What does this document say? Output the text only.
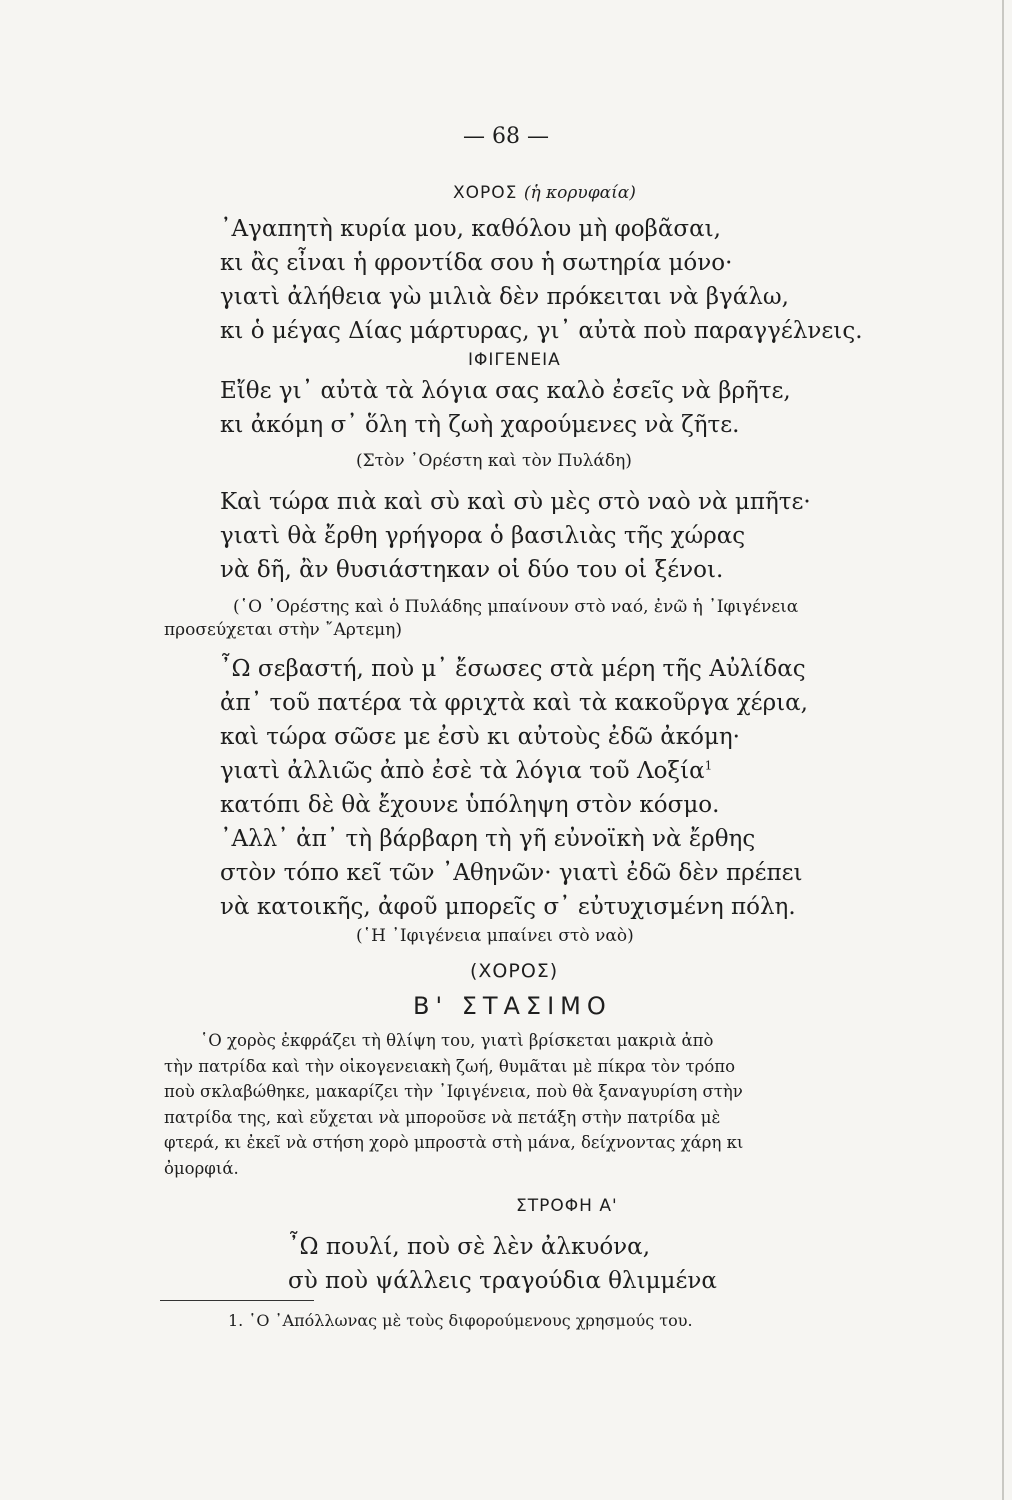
— 68 —
ΧΟΡΟΣ (ἡ κορυφαία)
᾿Αγαπητὴ κυρία μου, καθόλου μὴ φοβᾶσαι,
κι ἂς εἶναι ἡ φροντίδα σου ἡ σωτηρία μόνο·
γιατὶ ἀλήθεια γὼ μιλιὰ δὲν πρόκειται νὰ βγάλω,
κι ὁ μέγας Δίας μάρτυρας, γι᾿ αὐτὰ ποὺ παραγγέλνεις.
ΙΦΙΓΕΝΕΙΑ
Εἴθε γι᾿ αὐτὰ τὰ λόγια σας καλὸ ἐσεῖς νὰ βρῆτε,
κι ἀκόμη σ᾿ ὅλη τὴ ζωὴ χαρούμενες νὰ ζῆτε.
(Στὸν ᾿Ορέστη καὶ τὸν Πυλάδη)
Καὶ τώρα πιὰ καὶ σὺ καὶ σὺ μὲς στὸ ναὸ νὰ μπῆτε·
γιατὶ θὰ ἔρθη γρήγορα ὁ βασιλιὰς τῆς χώρας
νὰ δῆ, ἂν θυσιάστηκαν οἱ δύο του οἱ ξένοι.
(῾Ο ᾿Ορέστης καὶ ὁ Πυλάδης μπαίνουν στὸ ναό, ἐνῶ ἡ ᾿Ιφιγένεια
προσεύχεται στὴν ῎Αρτεμη)
῏Ω σεβαστή, ποὺ μ᾿ ἔσωσες στὰ μέρη τῆς Αὐλίδας
ἀπ᾿ τοῦ πατέρα τὰ φριχτὰ καὶ τὰ κακοῦργα χέρια,
καὶ τώρα σῶσε με ἐσὺ κι αὐτοὺς ἐδῶ ἀκόμη·
γιατὶ ἀλλιῶς ἀπὸ ἐσὲ τὰ λόγια τοῦ Λοξία$^1$
κατόπι δὲ θὰ ἔχουνε ὑπόληψη στὸν κόσμο.
᾿Αλλ᾿ ἀπ᾿ τὴ βάρβαρη τὴ γῆ εὐνοϊκὴ νὰ ἔρθης
στὸν τόπο κεῖ τῶν ᾿Αθηνῶν· γιατὶ ἐδῶ δὲν πρέπει
νὰ κατοικῆς, ἀφοῦ μπορεῖς σ᾿ εὐτυχισμένη πόλη.
(῾Η ᾿Ιφιγένεια μπαίνει στὸ ναὸ)
(ΧΟΡΟΣ)
Β' ΣΤΑΣΙΜΟ
῾Ο χορὸς ἐκφράζει τὴ θλίψη του, γιατὶ βρίσκεται μακριὰ ἀπὸ
τὴν πατρίδα καὶ τὴν οἰκογενειακὴ ζωή, θυμᾶται μὲ πίκρα τὸν τρόπο
ποὺ σκλαβώθηκε, μακαρίζει τὴν ᾿Ιφιγένεια, ποὺ θὰ ξαναγυρίση στὴν
πατρίδα της, καὶ εὔχεται νὰ μποροῦσε νὰ πετάξη στὴν πατρίδα μὲ
φτερά, κι ἐκεῖ νὰ στήση χορὸ μπροστὰ στὴ μάνα, δείχνοντας χάρη κι
ὀμορφιά.
ΣΤΡΟΦΗ Α'
῏Ω πουλί, ποὺ σὲ λὲν ἀλκυόνα,
σὺ ποὺ ψάλλεις τραγούδια θλιμμένα
1. ῾Ο ᾿Απόλλωνας μὲ τοὺς διφορούμενους χρησμούς του.
